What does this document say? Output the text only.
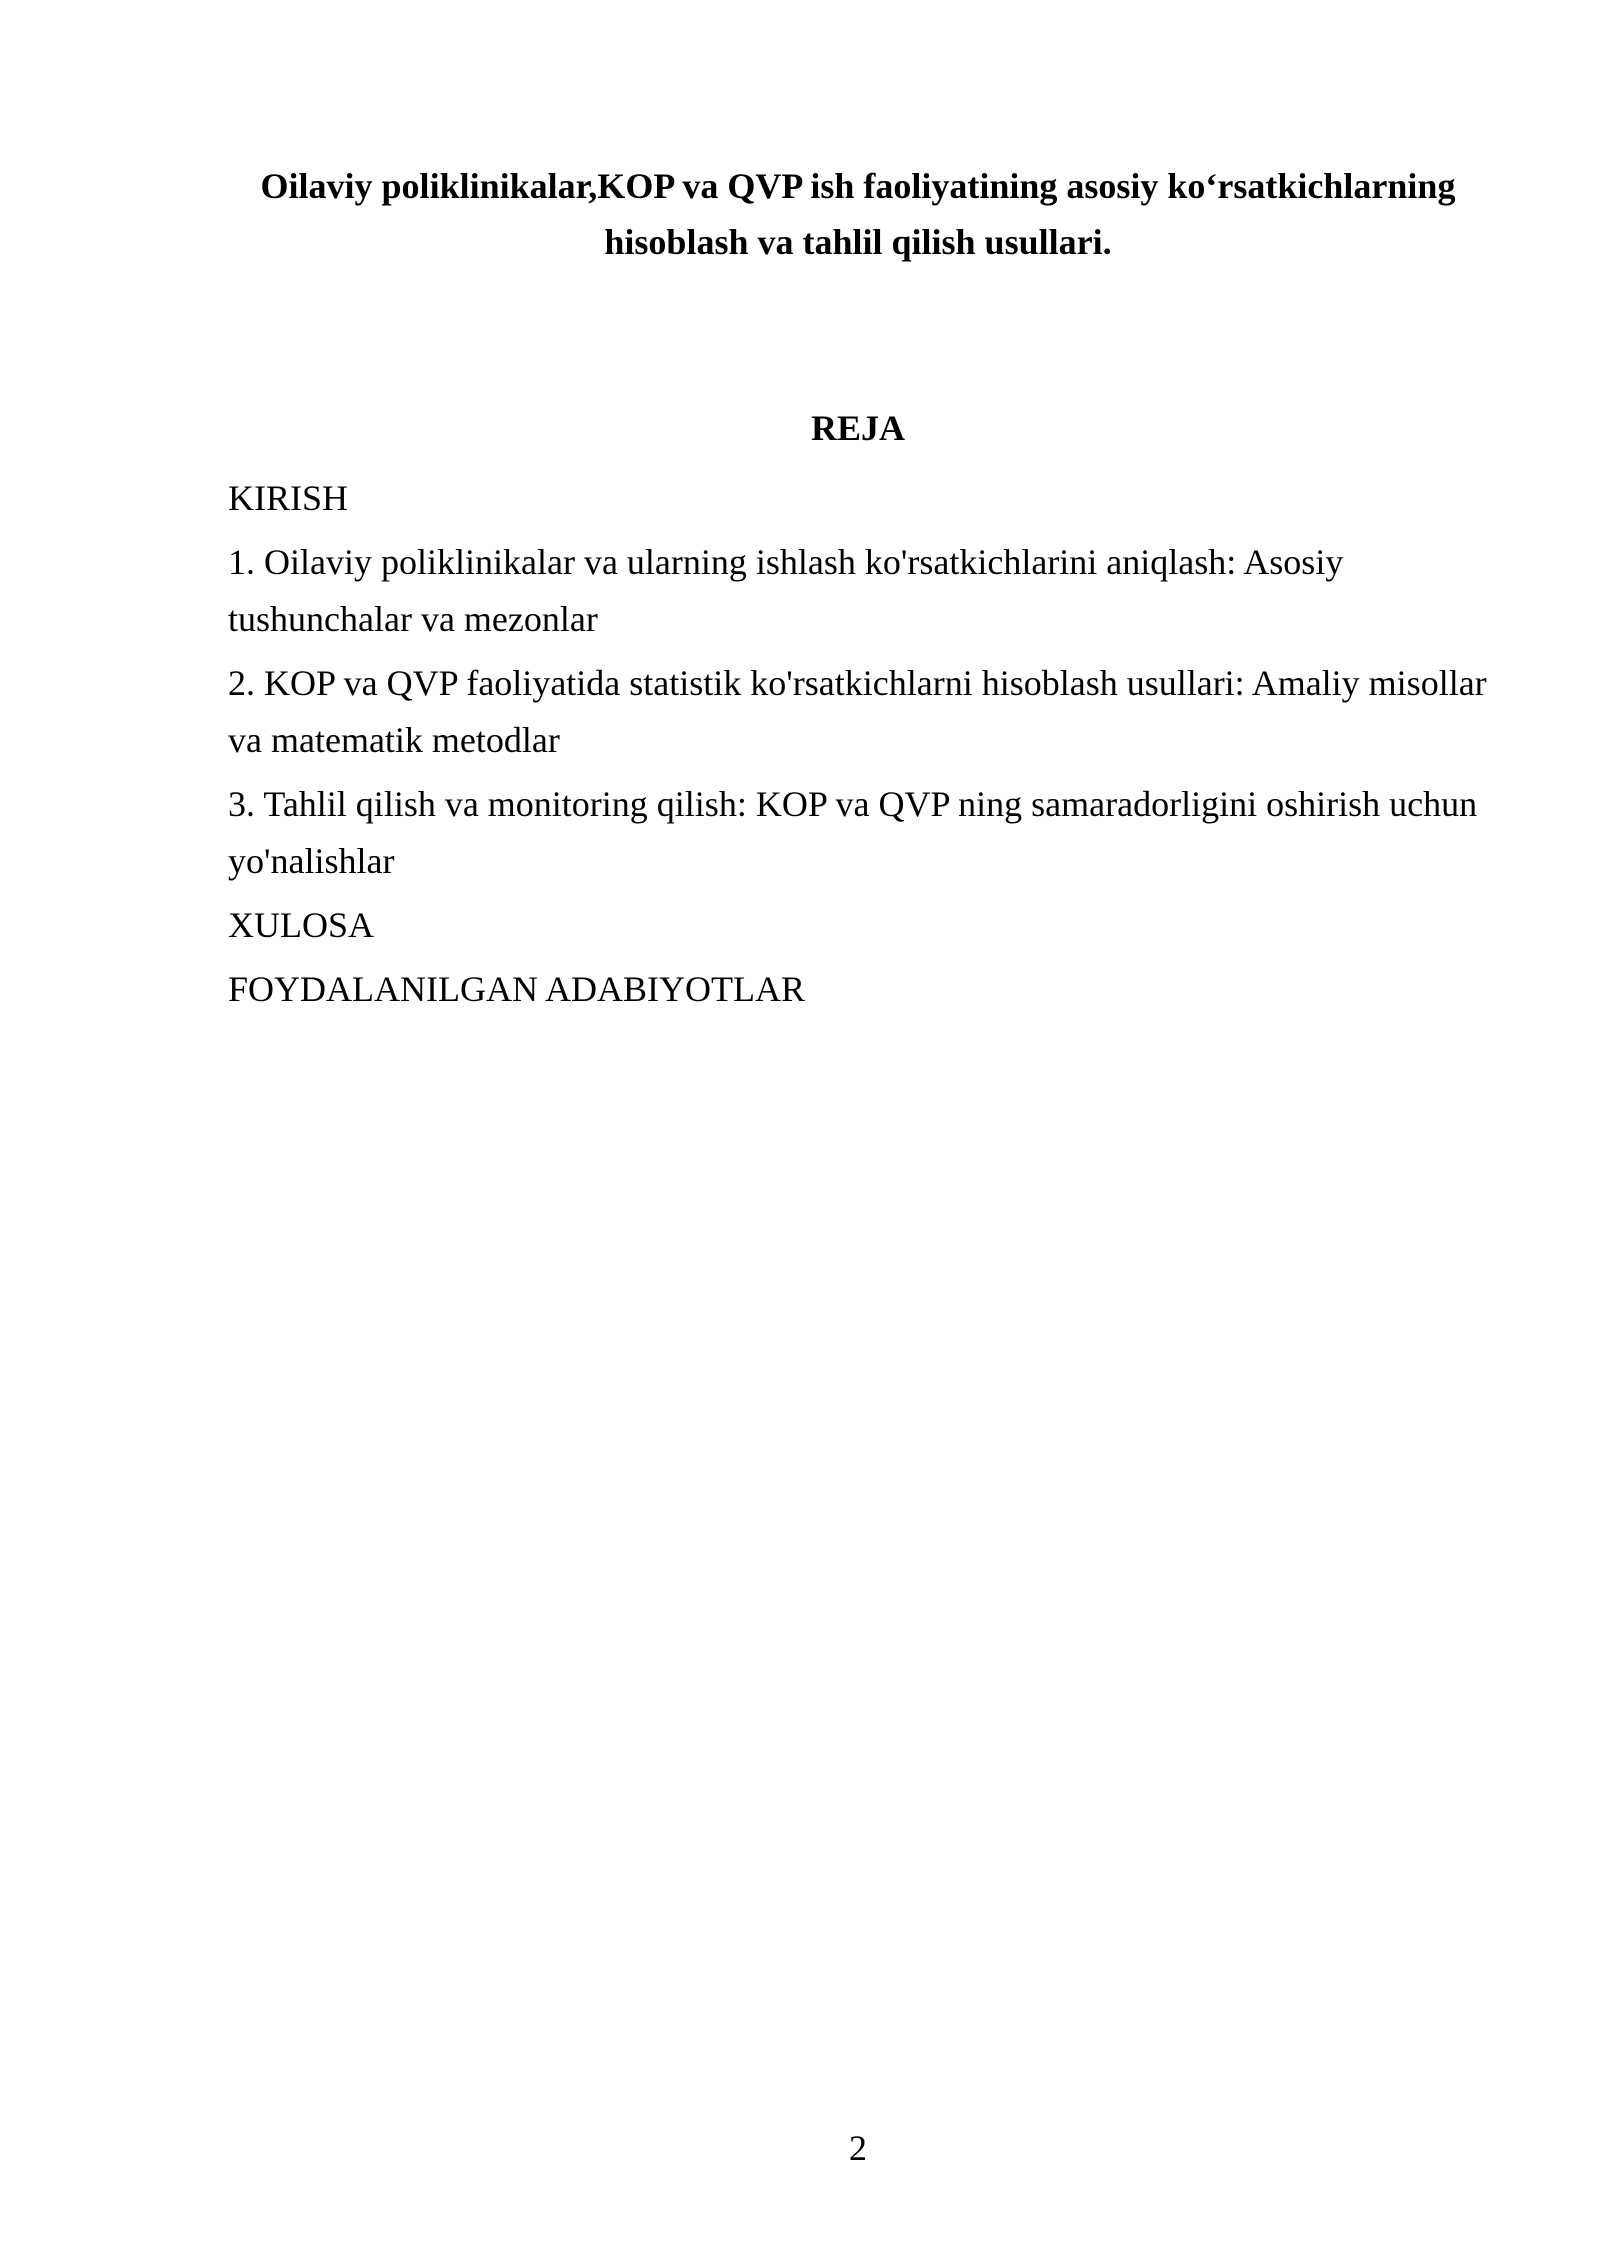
Oilaviy poliklinikalar,KOP va QVP ish faoliyatining asosiy ko‘rsatkichlarning
hisoblash va tahlil qilish usullari.
REJA
KIRISH
1. Oilaviy poliklinikalar va ularning ishlash ko'rsatkichlarini aniqlash: Asosiy tushunchalar va mezonlar
2. KOP va QVP faoliyatida statistik ko'rsatkichlarni hisoblash usullari: Amaliy misollar va matematik metodlar
3. Tahlil qilish va monitoring qilish: KOP va QVP ning samaradorligini oshirish uchun yo'nalishlar
XULOSA
FOYDALANILGAN ADABIYOTLAR
2
